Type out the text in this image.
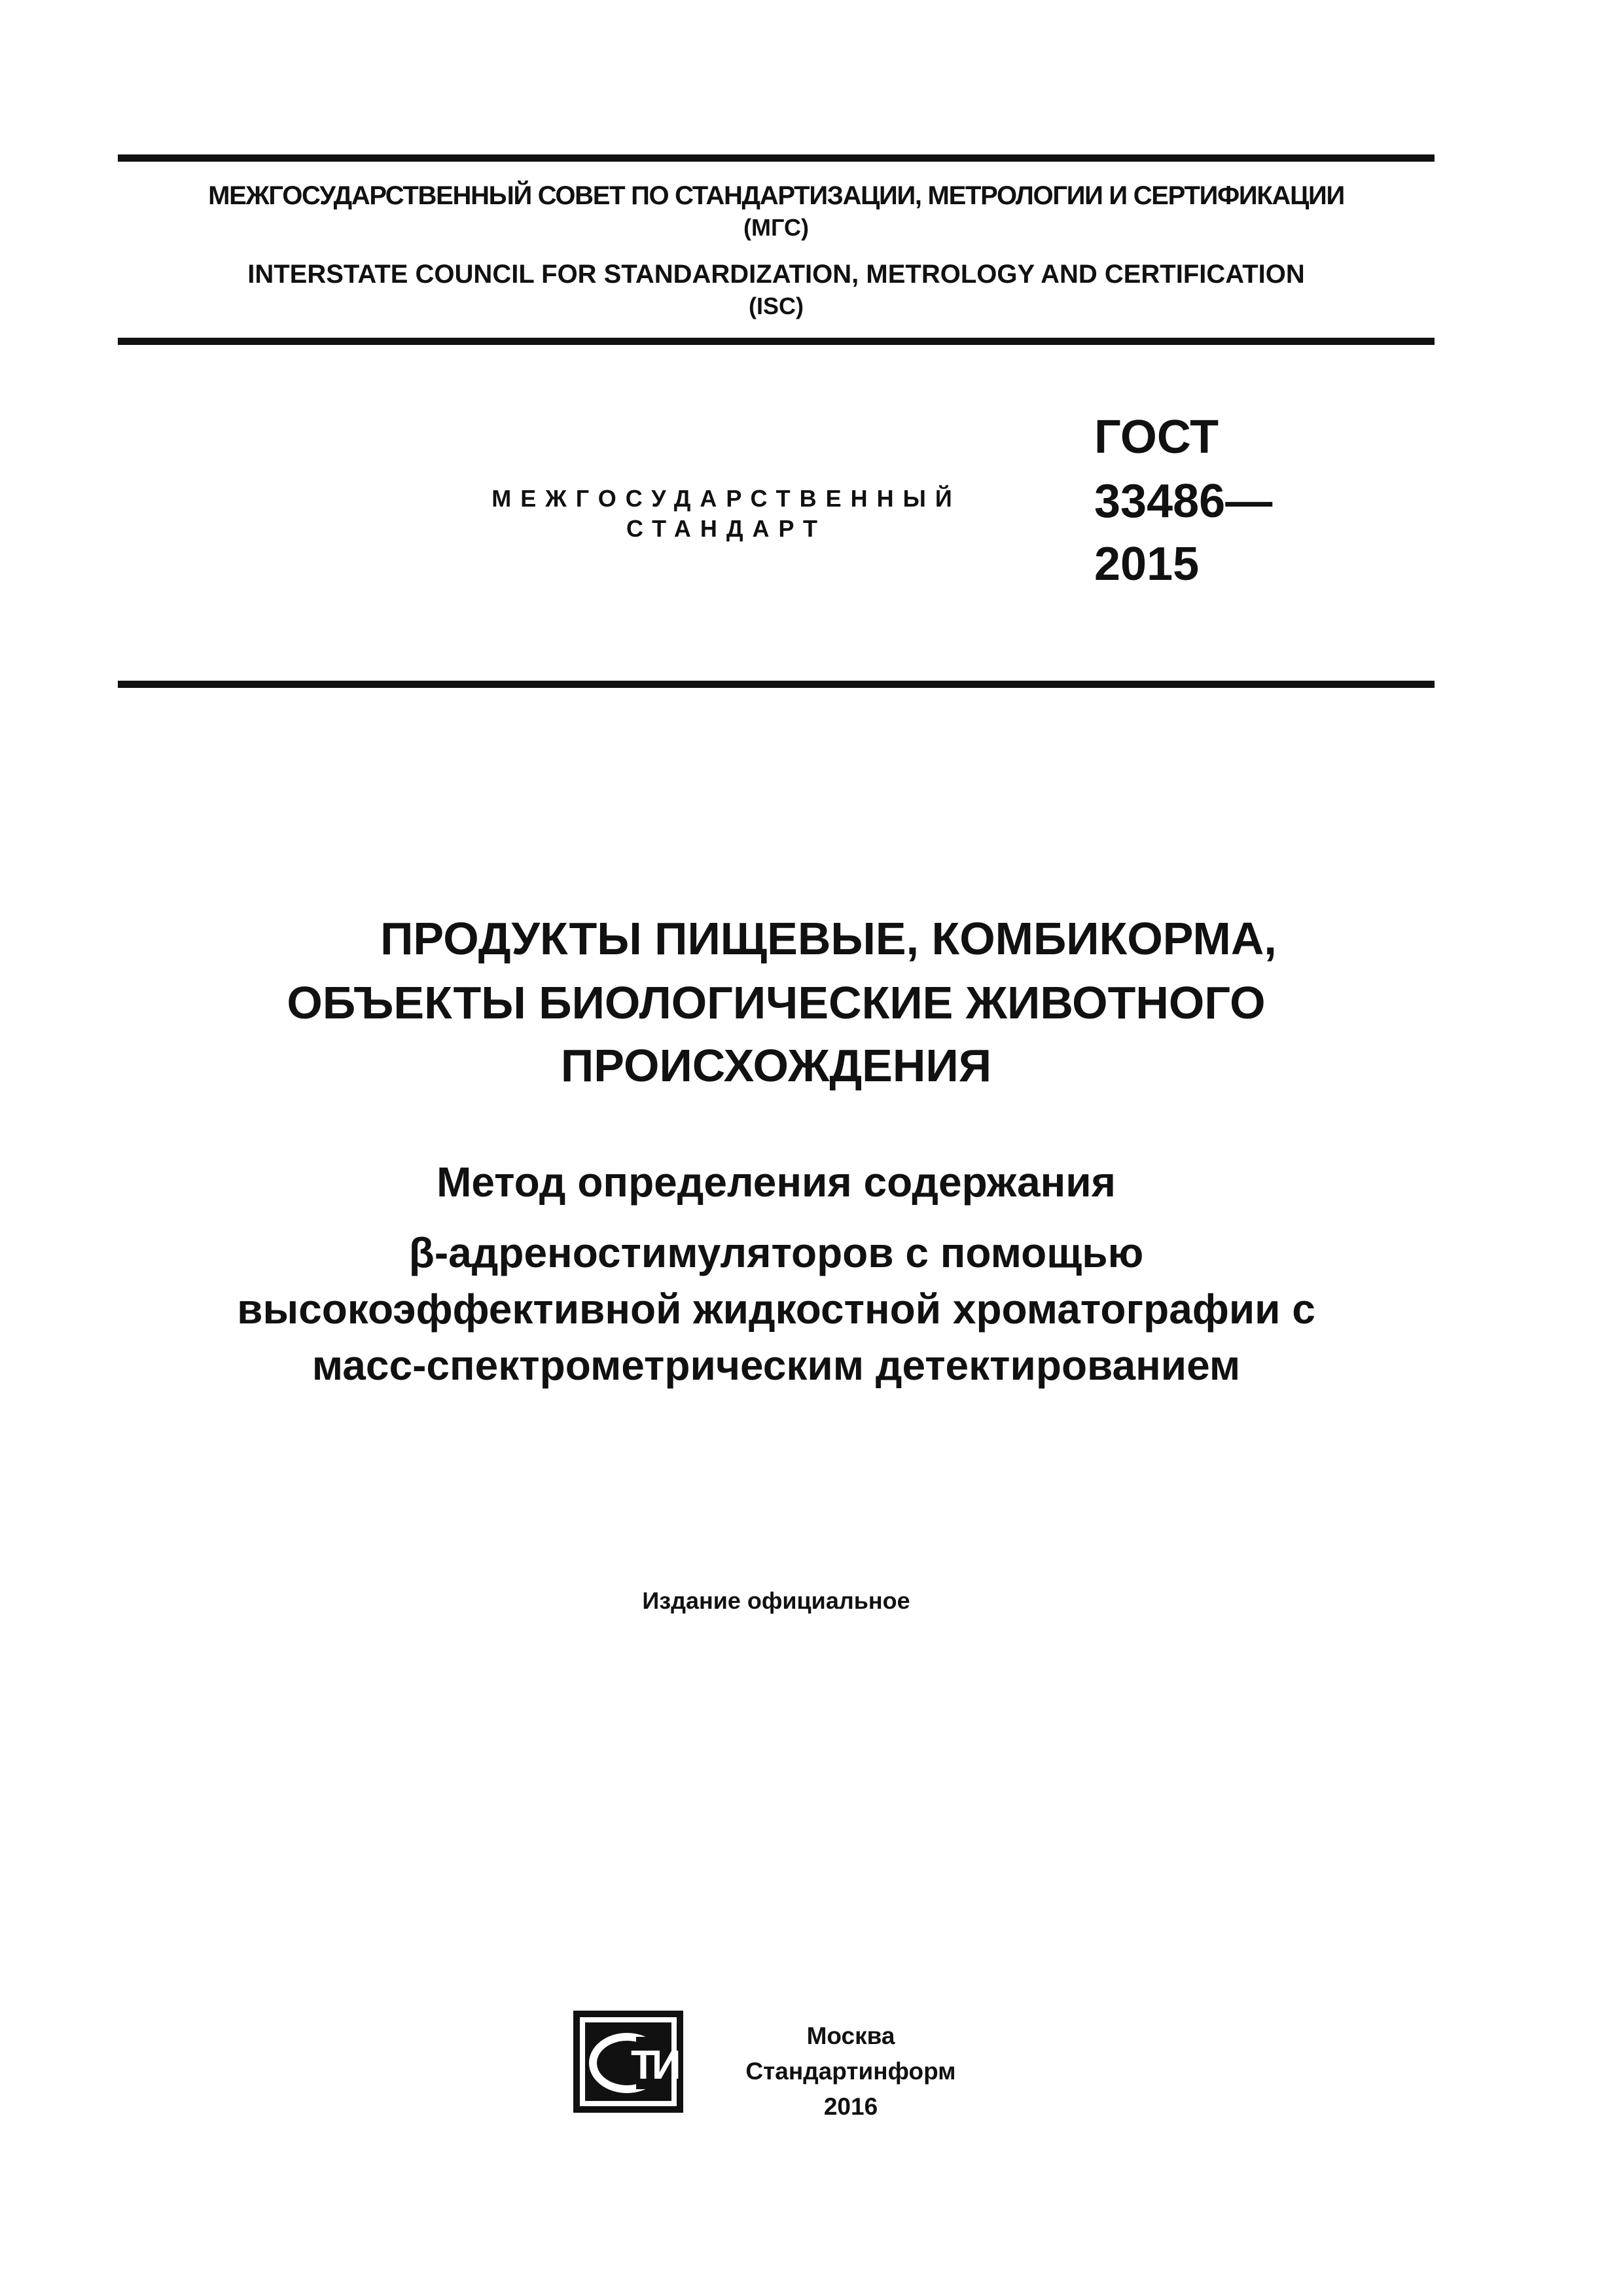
МЕЖГОСУДАРСТВЕННЫЙ СОВЕТ ПО СТАНДАРТИЗАЦИИ, МЕТРОЛОГИИ И СЕРТИФИКАЦИИ
(МГС)
INTERSTATE COUNCIL FOR STANDARDIZATION, METROLOGY AND CERTIFICATION
(ISC)
МЕЖГОСУДАРСТВЕННЫЙ
СТАНДАРТ
ГОСТ
33486—
2015
ПРОДУКТЫ ПИЩЕВЫЕ, КОМБИКОРМА,
ОБЪЕКТЫ БИОЛОГИЧЕСКИЕ ЖИВОТНОГО
ПРОИСХОЖДЕНИЯ
Метод определения содержания
β-адреностимуляторов с помощью
высокоэффективной жидкостной хроматографии с
масс-спектрометрическим детектированием
Издание официальное
ТИ
Москва
Стандартинформ
2016
